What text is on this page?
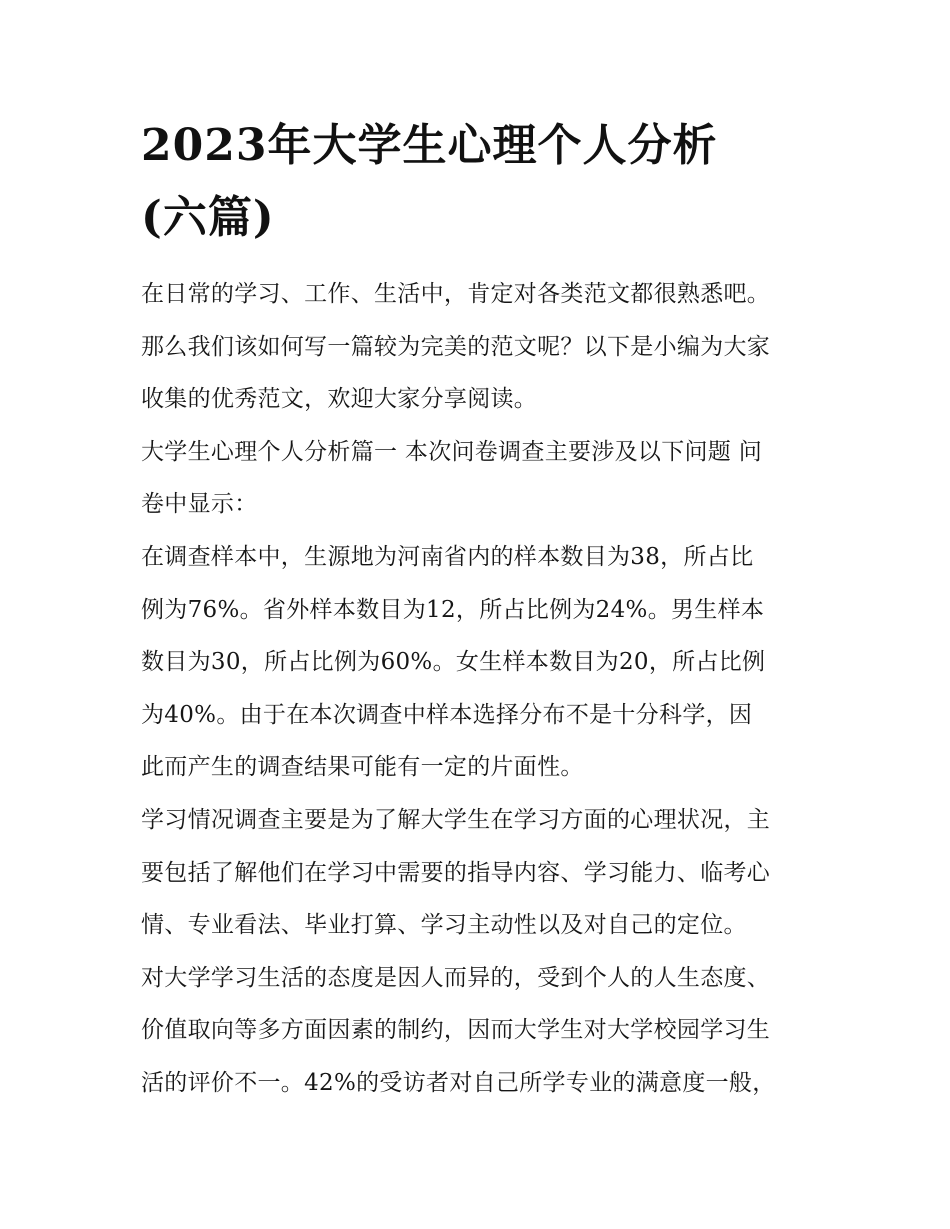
2023年大学生心理个人分析
(六篇)

在日常的学习、工作、生活中，肯定对各类范文都很熟悉吧。
那么我们该如何写一篇较为完美的范文呢？以下是小编为大家
收集的优秀范文，欢迎大家分享阅读。

大学生心理个人分析篇一 本次问卷调查主要涉及以下问题 问
卷中显示：

在调查样本中，生源地为河南省内的样本数目为38，所占比
例为76%。省外样本数目为12，所占比例为24%。男生样本
数目为30，所占比例为60%。女生样本数目为20，所占比例
为40%。由于在本次调查中样本选择分布不是十分科学，因
此而产生的调查结果可能有一定的片面性。

学习情况调查主要是为了解大学生在学习方面的心理状况，主
要包括了解他们在学习中需要的指导内容、学习能力、临考心
情、专业看法、毕业打算、学习主动性以及对自己的定位。

对大学学习生活的态度是因人而异的，受到个人的人生态度、
价值取向等多方面因素的制约，因而大学生对大学校园学习生
活的评价不一。42%的受访者对自己所学专业的满意度一般，
